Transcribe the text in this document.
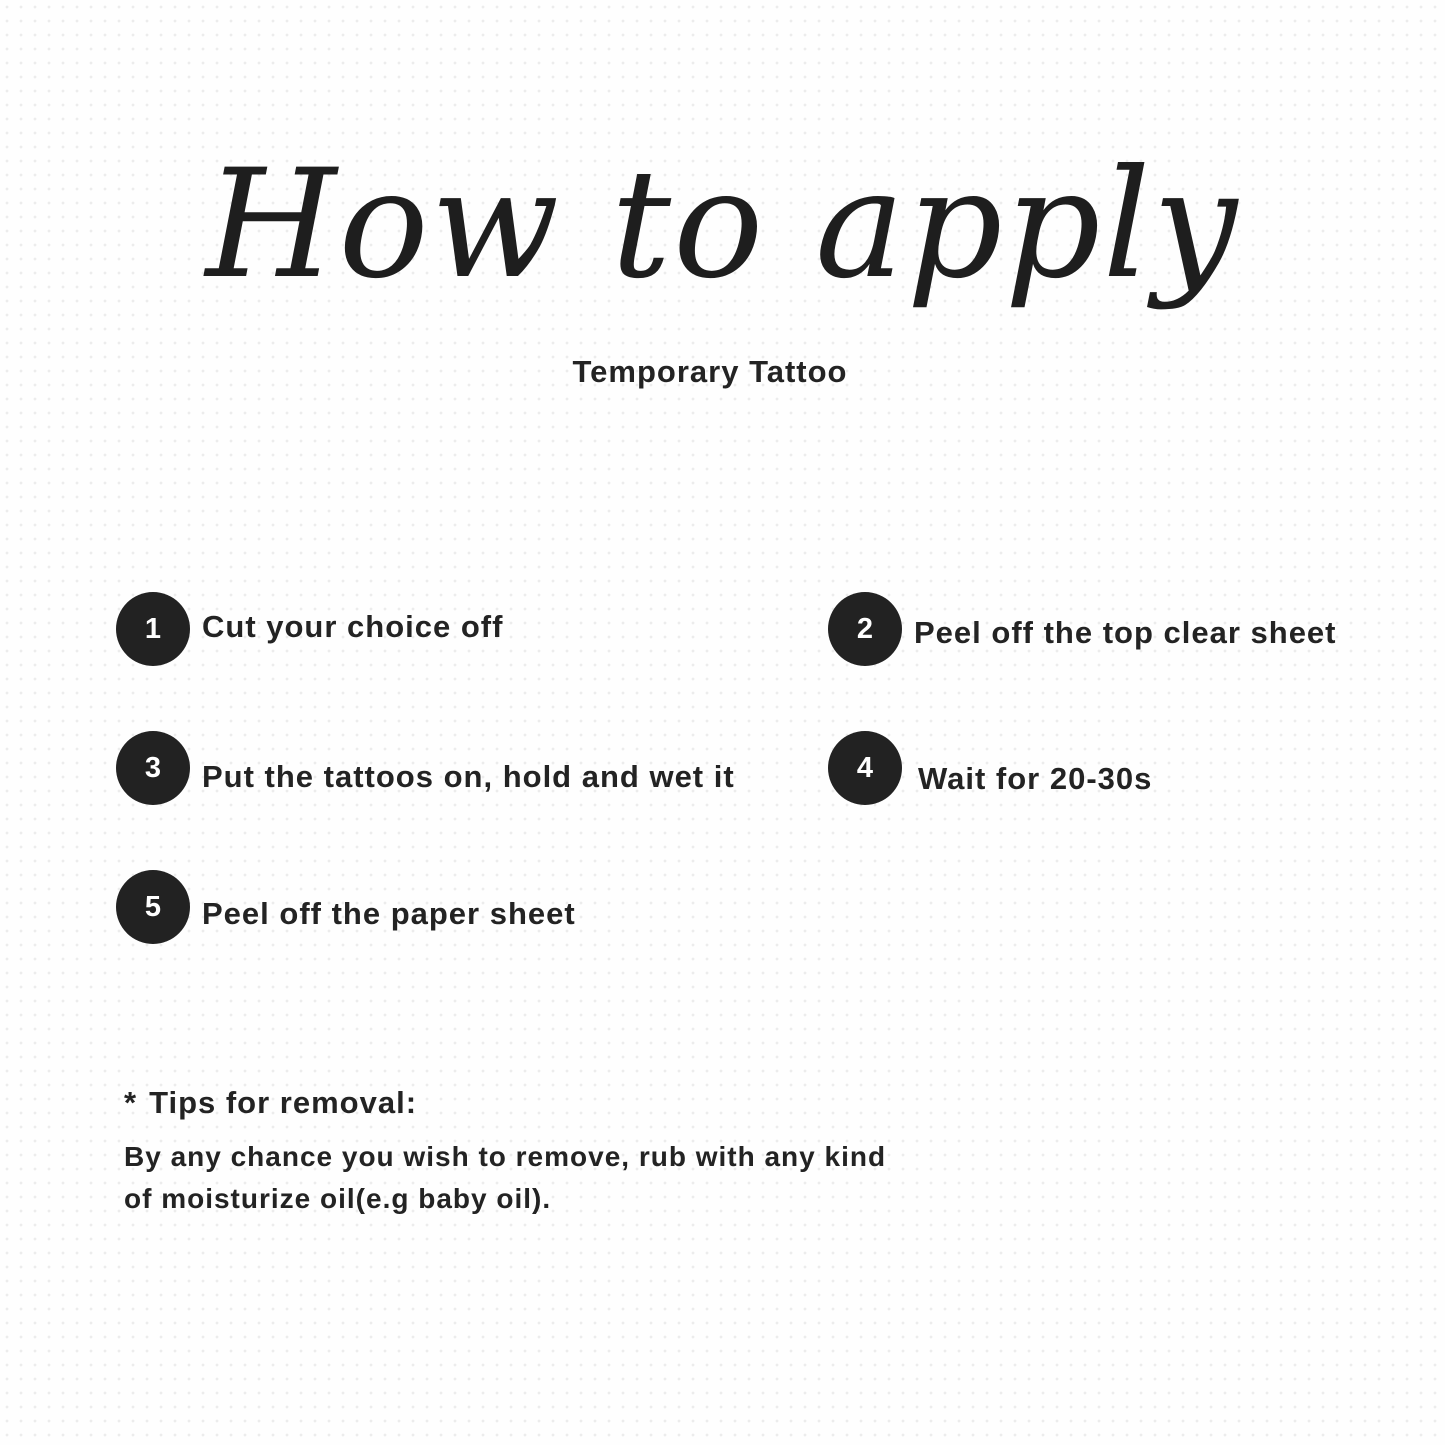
How to apply
Temporary Tattoo
1	Cut your choice off	2	Peel off the top clear sheet
3	Put the tattoos on, hold and wet it	4	Wait for 20-30s
5	Peel off the paper sheet
* Tips for removal:
By any chance you wish to remove, rub with any kind of moisturize oil(e.g baby oil).
